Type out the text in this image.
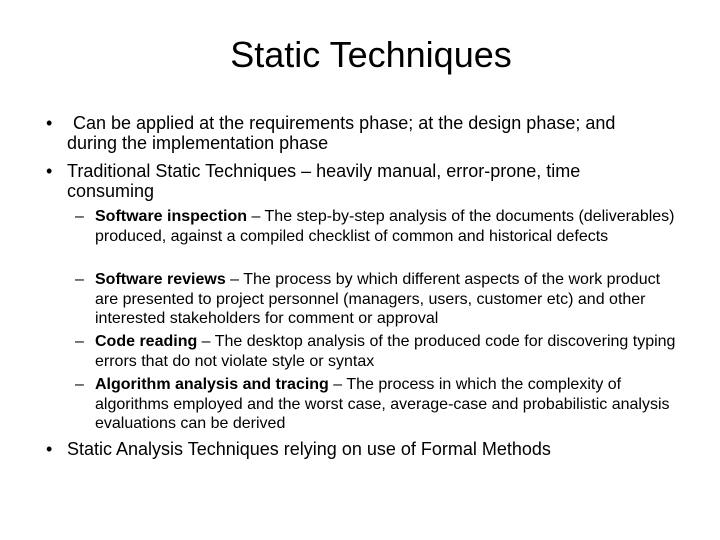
Static Techniques
• Can be applied at the requirements phase; at the design phase; and during the implementation phase
• Traditional Static Techniques – heavily manual, error-prone, time consuming
– Software inspection – The step-by-step analysis of the documents (deliverables) produced, against a compiled checklist of common and historical defects
– Software reviews – The process by which different aspects of the work product are presented to project personnel (managers, users, customer etc) and other interested stakeholders for comment or approval
– Code reading – The desktop analysis of the produced code for discovering typing errors that do not violate style or syntax
– Algorithm analysis and tracing – The process in which the complexity of algorithms employed and the worst case, average-case and probabilistic analysis evaluations can be derived
• Static Analysis Techniques relying on use of Formal Methods
